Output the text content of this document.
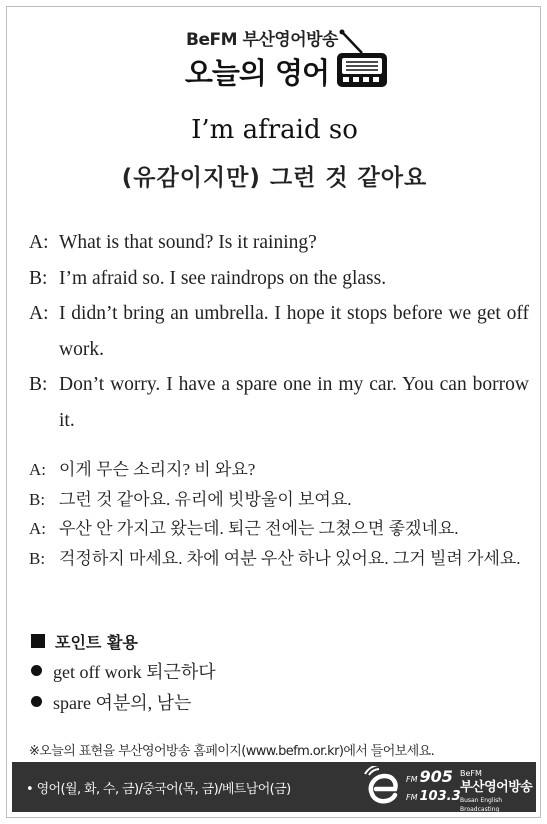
BeFM 부산영어방송
오늘의 영어
I’m afraid so
(유감이지만) 그런 것 같아요
A: What is that sound? Is it raining?
B: I’m afraid so. I see raindrops on the glass.
A: I didn’t bring an umbrella. I hope it stops before we get off work.
B: Don’t worry. I have a spare one in my car. You can borrow it.
A: 이게 무슨 소리지? 비 와요?
B: 그런 것 같아요. 유리에 빗방울이 보여요.
A: 우산 안 가지고 왔는데. 퇴근 전에는 그쳤으면 좋겠네요.
B: 걱정하지 마세요. 차에 여분 우산 하나 있어요. 그거 빌려 가세요.
포인트 활용
get off work 퇴근하다
spare 여분의, 남는
※오늘의 표현을 부산영어방송 홈페이지(www.befm.or.kr)에서 들어보세요.
• 영어(월, 화, 수, 금)/중국어(목, 금)/베트남어(금)
FM 905
FM 103.3
BeFM
부산영어방송
Busan English Broadcasting
